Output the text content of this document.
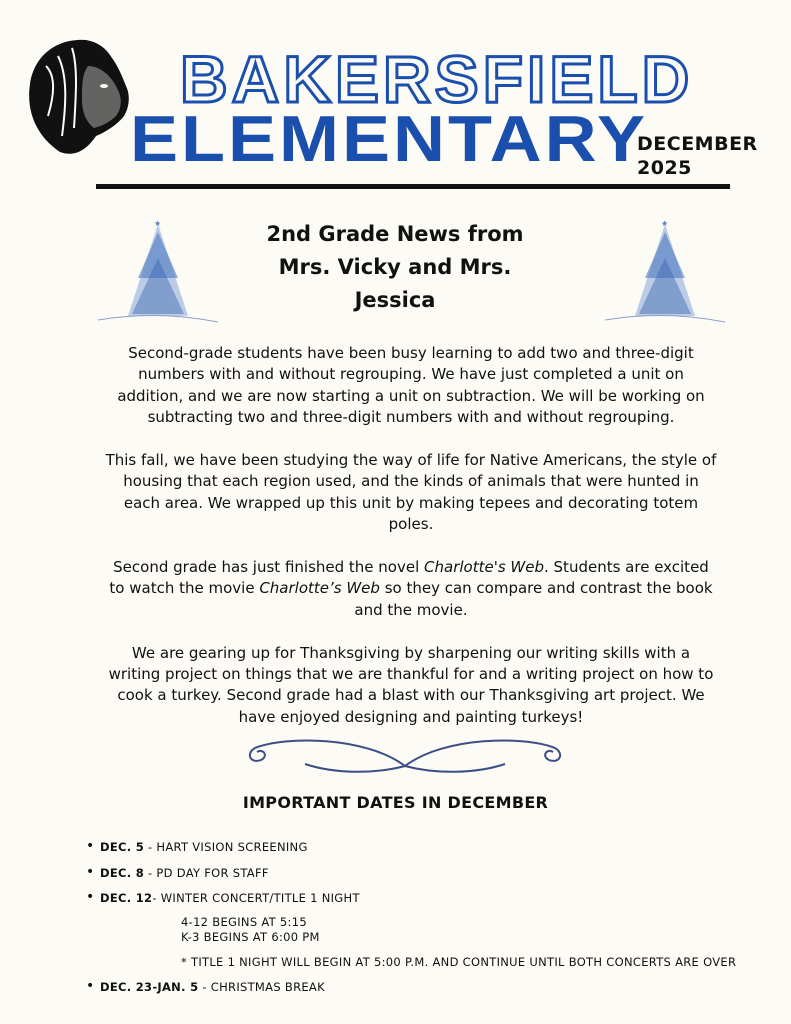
BAKERSFIELD
ELEMENTARY
DECEMBER
2025
★	★
2nd Grade News from
Mrs. Vicky and Mrs.
Jessica

Second-grade students have been busy learning to add two and three-digit numbers with and without regrouping. We have just completed a unit on addition, and we are now starting a unit on subtraction. We will be working on subtracting two and three-digit numbers with and without regrouping.

This fall, we have been studying the way of life for Native Americans, the style of housing that each region used, and the kinds of animals that were hunted in each area. We wrapped up this unit by making tepees and decorating totem poles.

Second grade has just finished the novel Charlotte's Web. Students are excited to watch the movie Charlotte’s Web so they can compare and contrast the book and the movie.

We are gearing up for Thanksgiving by sharpening our writing skills with a writing project on things that we are thankful for and a writing project on how to cook a turkey. Second grade had a blast with our Thanksgiving art project. We have enjoyed designing and painting turkeys!

IMPORTANT DATES IN DECEMBER
• DEC. 5 - HART VISION SCREENING
• DEC. 8 - PD DAY FOR STAFF
• DEC. 12- WINTER CONCERT/TITLE 1 NIGHT
• DEC. 23-JAN. 5 - CHRISTMAS BREAK
4-12 BEGINS AT 5:15
K-3 BEGINS AT 6:00 PM
* TITLE 1 NIGHT WILL BEGIN AT 5:00 P.M. AND CONTINUE UNTIL BOTH CONCERTS ARE OVER
